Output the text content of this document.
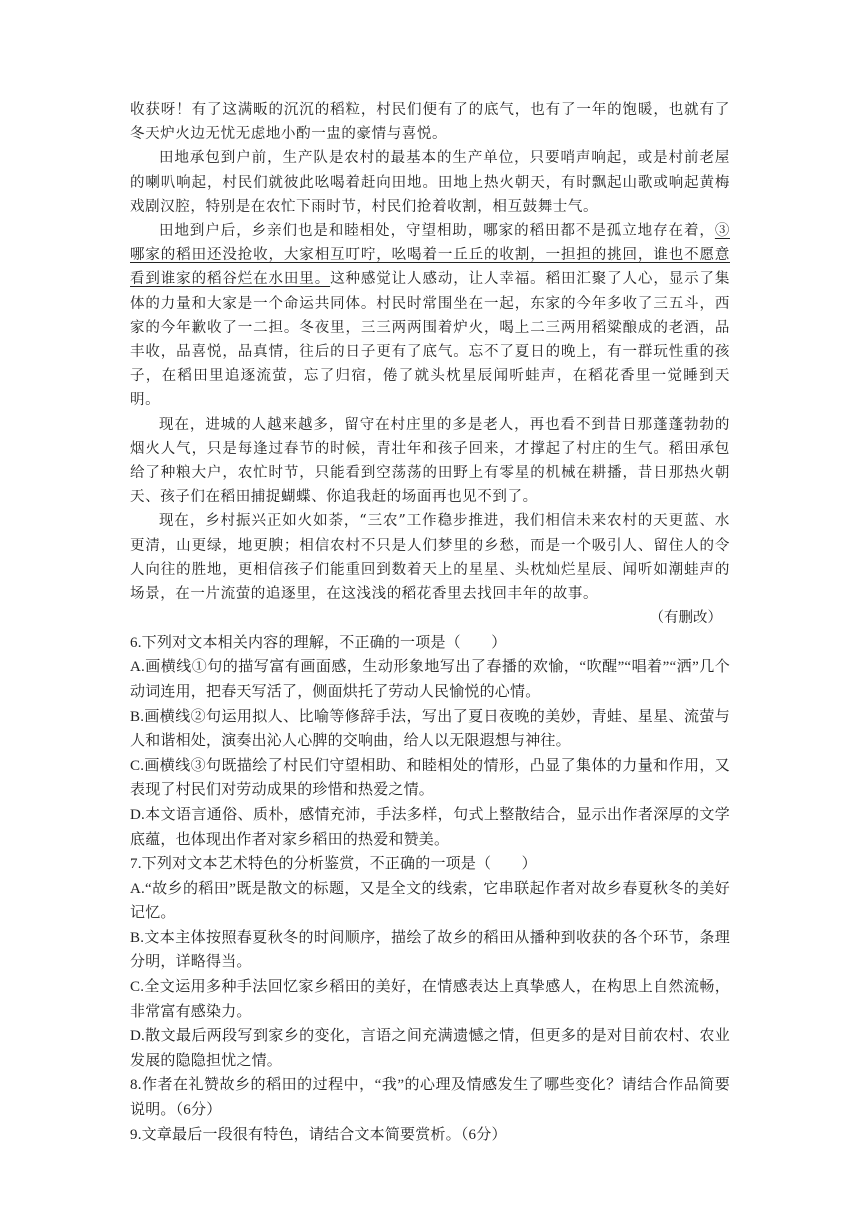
收获呀！有了这满畈的沉沉的稻粒，村民们便有了的底气，也有了一年的饱暖，也就有了冬天炉火边无忧无虑地小酌一盅的豪情与喜悦。

田地承包到户前，生产队是农村的最基本的生产单位，只要哨声响起，或是村前老屋的喇叭响起，村民们就彼此吆喝着赶向田地。田地上热火朝天，有时飘起山歌或响起黄梅戏剧汉腔，特别是在农忙下雨时节，村民们抢着收割，相互鼓舞士气。

田地到户后，乡亲们也是和睦相处，守望相助，哪家的稻田都不是孤立地存在着，③哪家的稻田还没抢收，大家相互叮咛，吆喝着一丘丘的收割，一担担的挑回，谁也不愿意看到谁家的稻谷烂在水田里。这种感觉让人感动，让人幸福。稻田汇聚了人心，显示了集体的力量和大家是一个命运共同体。村民时常围坐在一起，东家的今年多收了三五斗，西家的今年歉收了一二担。冬夜里，三三两两围着炉火，喝上二三两用稻粱酿成的老酒，品丰收，品喜悦，品真情，往后的日子更有了底气。忘不了夏日的晚上，有一群玩性重的孩子，在稻田里追逐流萤，忘了归宿，倦了就头枕星辰闻听蛙声，在稻花香里一觉睡到天明。

现在，进城的人越来越多，留守在村庄里的多是老人，再也看不到昔日那蓬蓬勃勃的烟火人气，只是每逢过春节的时候，青壮年和孩子回来，才撑起了村庄的生气。稻田承包给了种粮大户，农忙时节，只能看到空荡荡的田野上有零星的机械在耕播，昔日那热火朝天、孩子们在稻田捕捉蝴蝶、你追我赶的场面再也见不到了。

现在，乡村振兴正如火如荼，“三农”工作稳步推进，我们相信未来农村的天更蓝、水更清，山更绿，地更腴；相信农村不只是人们梦里的乡愁，而是一个吸引人、留住人的令人向往的胜地，更相信孩子们能重回到数着天上的星星、头枕灿烂星辰、闻听如潮蛙声的场景，在一片流萤的追逐里，在这浅浅的稻花香里去找回丰年的故事。

（有删改）

6.下列对文本相关内容的理解，不正确的一项是（　　）

A.画横线①句的描写富有画面感，生动形象地写出了春播的欢愉，“吹醒”“唱着”“洒”几个动词连用，把春天写活了，侧面烘托了劳动人民愉悦的心情。

B.画横线②句运用拟人、比喻等修辞手法，写出了夏日夜晚的美妙，青蛙、星星、流萤与人和谐相处，演奏出沁人心脾的交响曲，给人以无限遐想与神往。

C.画横线③句既描绘了村民们守望相助、和睦相处的情形，凸显了集体的力量和作用，又表现了村民们对劳动成果的珍惜和热爱之情。

D.本文语言通俗、质朴，感情充沛，手法多样，句式上整散结合，显示出作者深厚的文学底蕴，也体现出作者对家乡稻田的热爱和赞美。

7.下列对文本艺术特色的分析鉴赏，不正确的一项是（　　）

A.“故乡的稻田”既是散文的标题，又是全文的线索，它串联起作者对故乡春夏秋冬的美好记忆。

B.文本主体按照春夏秋冬的时间顺序，描绘了故乡的稻田从播种到收获的各个环节，条理分明，详略得当。

C.全文运用多种手法回忆家乡稻田的美好，在情感表达上真挚感人，在构思上自然流畅，非常富有感染力。

D.散文最后两段写到家乡的变化，言语之间充满遗憾之情，但更多的是对目前农村、农业发展的隐隐担忧之情。

8.作者在礼赞故乡的稻田的过程中，“我”的心理及情感发生了哪些变化？请结合作品简要说明。（6分）

9.文章最后一段很有特色，请结合文本简要赏析。（6分）
